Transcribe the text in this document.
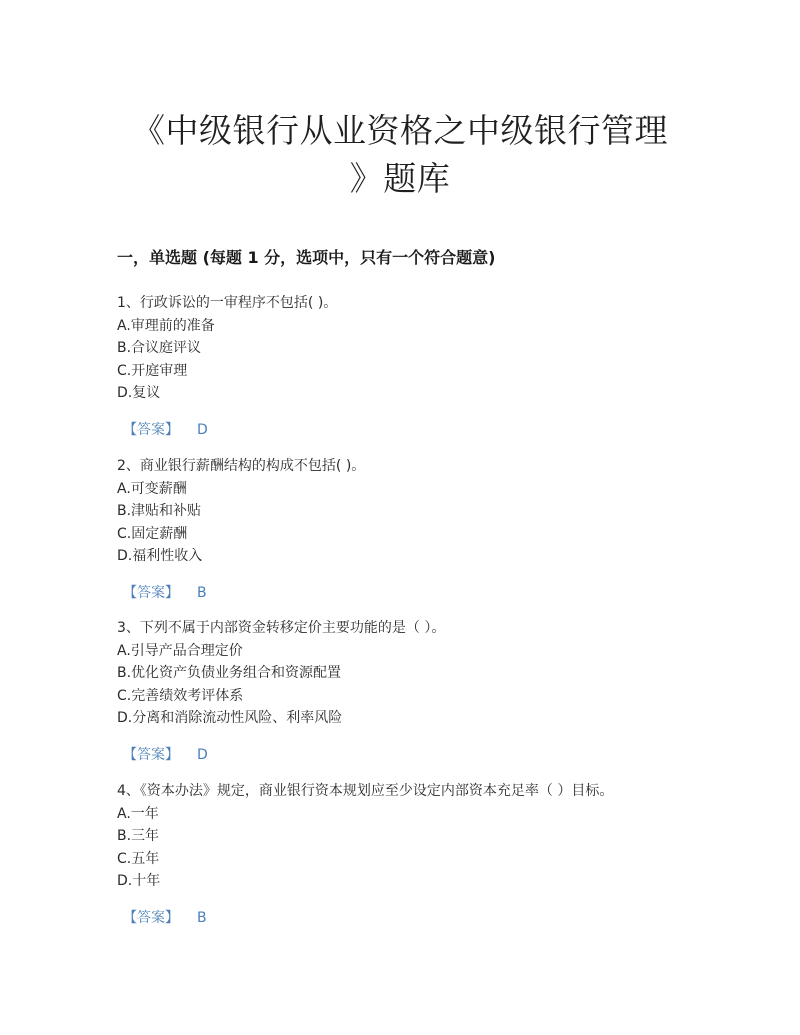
《中级银行从业资格之中级银行管理
》题库
一，单选题 (每题 1 分，选项中，只有一个符合题意)
1、行政诉讼的一审程序不包括( )。
A.审理前的准备
B.合议庭评议
C.开庭审理
D.复议
【答案】 D
2、商业银行薪酬结构的构成不包括( )。
A.可变薪酬
B.津贴和补贴
C.固定薪酬
D.福利性收入
【答案】 B
3、下列不属于内部资金转移定价主要功能的是（ ）。
A.引导产品合理定价
B.优化资产负债业务组合和资源配置
C.完善绩效考评体系
D.分离和消除流动性风险、利率风险
【答案】 D
4、《资本办法》规定，商业银行资本规划应至少设定内部资本充足率（ ）目标。
A.一年
B.三年
C.五年
D.十年
【答案】 B
